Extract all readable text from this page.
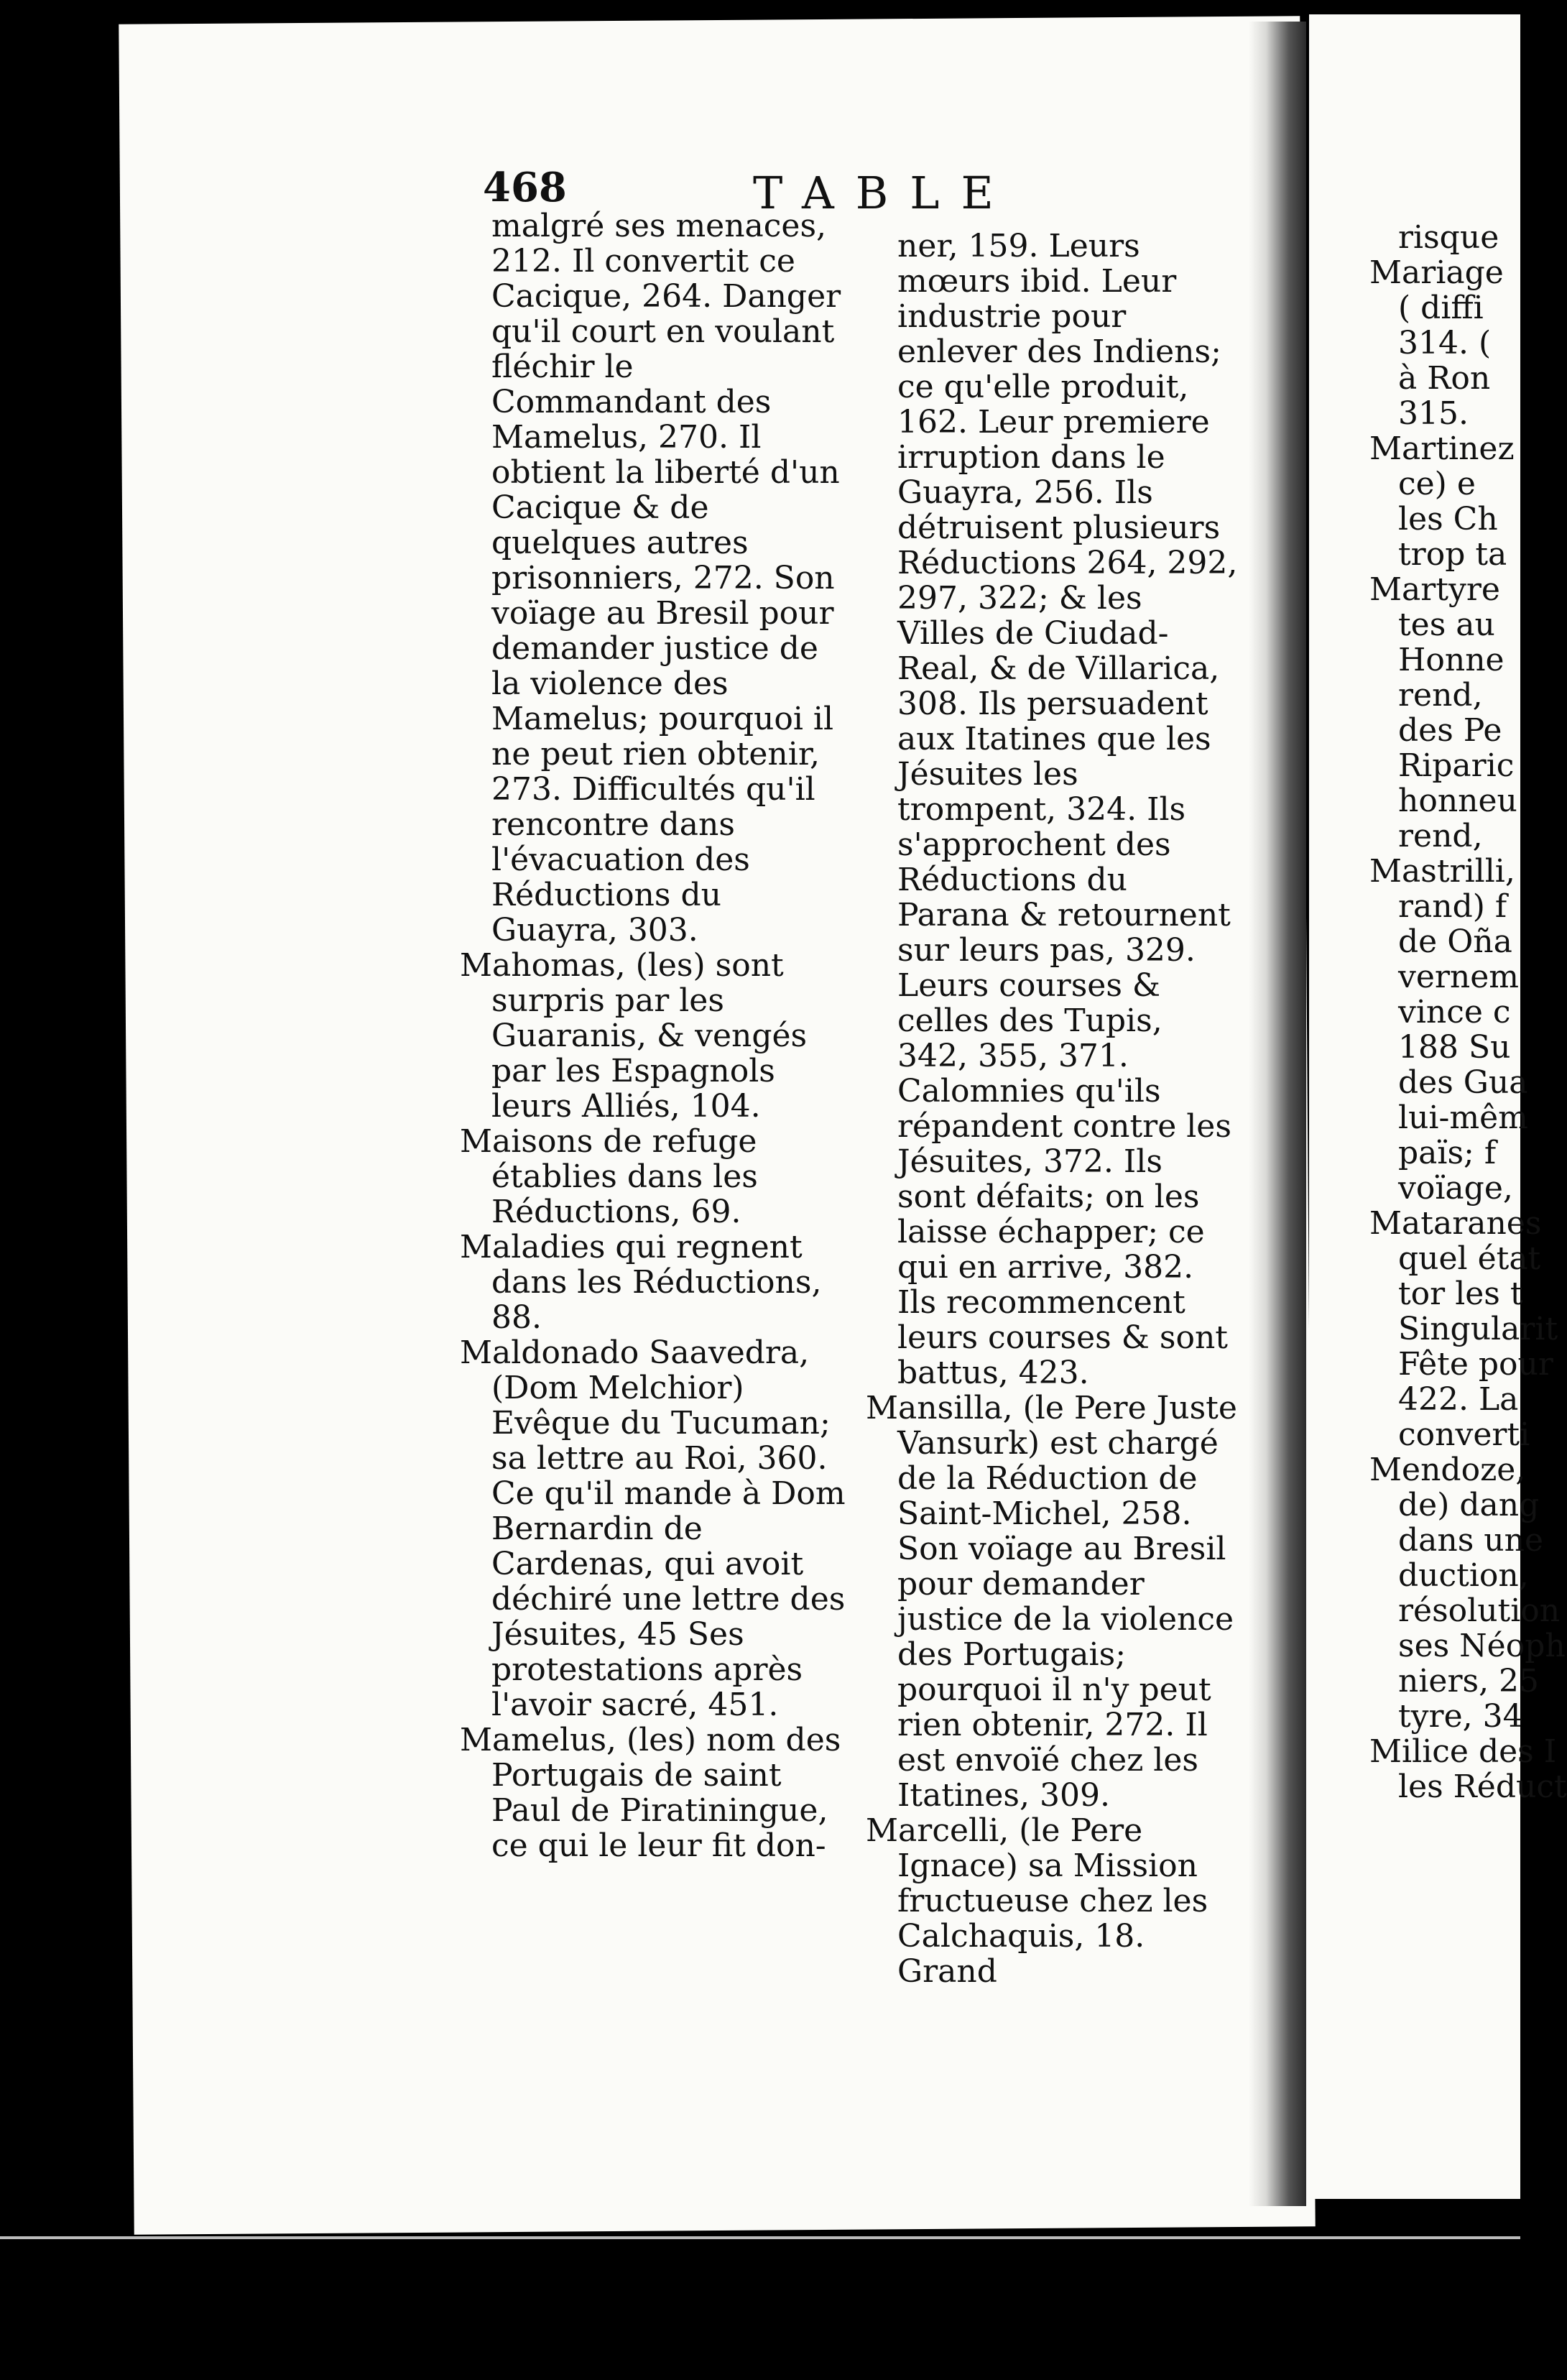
468	TABLE

malgré ses menaces, 212. Il convertit ce Cacique, 264. Danger qu'il court en voulant fléchir le Commandant des Mamelus, 270. Il obtient la liberté d'un Cacique & de quelques autres prisonniers, 272. Son voïage au Bresil pour demander justice de la violence des Mamelus; pourquoi il ne peut rien obtenir, 273. Difficultés qu'il rencontre dans l'évacuation des Réductions du Guayra, 303.

Mahomas, (les) sont surpris par les Guaranis, & vengés par les Espagnols leurs Alliés, 104.

Maisons de refuge établies dans les Réductions, 69.

Maladies qui regnent dans les Réductions, 88.

Maldonado Saavedra, (Dom Melchior) Evêque du Tucuman; sa lettre au Roi, 360. Ce qu'il mande à Dom Bernardin de Cardenas, qui avoit déchiré une lettre des Jésuites, 45 Ses protestations après l'avoir sacré, 451.

Mamelus, (les) nom des Portugais de saint Paul de Piratiningue, ce qui le leur fit don-

ner, 159. Leurs mœurs ibid. Leur industrie pour enlever des Indiens; ce qu'elle produit, 162. Leur premiere irruption dans le Guayra, 256. Ils détruisent plusieurs Réductions 264, 292, 297, 322; & les Villes de Ciudad-Real, & de Villarica, 308. Ils persuadent aux Itatines que les Jésuites les trompent, 324. Ils s'approchent des Réductions du Parana & retournent sur leurs pas, 329. Leurs courses & celles des Tupis, 342, 355, 371. Calomnies qu'ils répandent contre les Jésuites, 372. Ils sont défaits; on les laisse échapper; ce qui en arrive, 382. Ils recommencent leurs courses & sont battus, 423.

Mansilla, (le Pere Juste Vansurk) est chargé de la Réduction de Saint-Michel, 258. Son voïage au Bresil pour demander justice de la violence des Portugais; pourquoi il n'y peut rien obtenir, 272. Il est envoïé chez les Itatines, 309.

Marcelli, (le Pere Ignace) sa Mission fructueuse chez les Calchaquis, 18. Grand

risque
Mariage
( diffi
314. (
à Ron
315.
Martinez
ce) e
les Ch
trop ta
Martyre
tes au
Honne
rend,
des Pe
Riparic
honneu
rend,
Mastrilli,
rand) f
de Oña
vernem
vince c
188 Su
des Gua
lui-mêm
païs; f
voïage,
Mataranes
quel état
tor les t
Singularit
Fête pour
422. La
converti
Mendoze,
de) dang
dans une
duction,
résolution
ses Néoph
niers, 25
tyre, 34
Milice des I
les Réduct
